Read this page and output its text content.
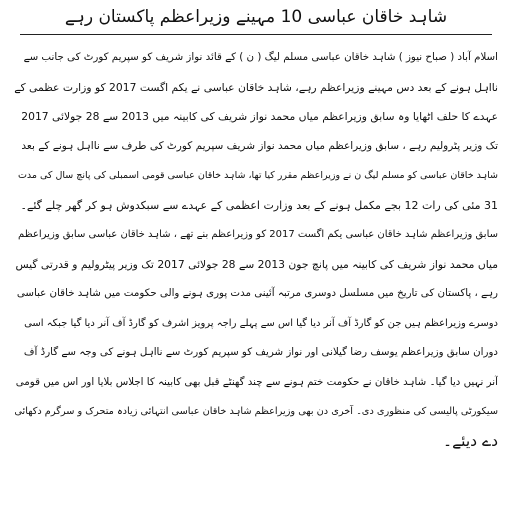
شاہد خاقان عباسی 10 مہینے وزیراعظم پاکستان رہے

اسلام آباد ( صباح نیوز ) شاہد خاقان عباسی مسلم لیگ ( ن ) کے قائد نواز شریف کو سپریم کورٹ کی جانب سے
نااہل ہونے کے بعد دس مہینے وزیراعظم رہے، شاہد خاقان عباسی نے یکم اگست 2017 کو وزارت عظمی کے
عہدے کا حلف اٹھایا وہ سابق وزیراعظم میاں محمد نواز شریف کی کابینہ میں 2013 سے 28 جولائی 2017
تک وزیر پٹرولیم رہے ، سابق وزیراعظم میاں محمد نواز شریف سپریم کورٹ کی طرف سے نااہل ہونے کے بعد
شاہد خاقان عباسی کو مسلم لیگ ن نے وزیراعظم مقرر کیا تھا، شاہد خاقان عباسی قومی اسمبلی کی پانچ سال کی مدت
31 مئی کی رات 12 بجے مکمل ہونے کے بعد وزارت اعظمی کے عہدے سے سبکدوش ہو کر گھر چلے گئے۔

سابق وزیراعظم شاہد خاقان عباسی یکم اگست 2017 کو وزیراعظم بنے تھے ، شاہد خاقان عباسی سابق وزیراعظم
میاں محمد نواز شریف کی کابینہ میں پانچ جون 2013 سے 28 جولائی 2017 تک وزیر پیٹرولیم و قدرتی گیس
رہے ، پاکستان کی تاریخ میں مسلسل دوسری مرتبہ آئینی مدت پوری ہونے والی حکومت میں شاہد خاقان عباسی
دوسرے وزیراعظم ہیں جن کو گارڈ آف آنر دیا گیا اس سے پہلے راجہ پرویز اشرف کو گارڈ آف آنر دیا گیا جبکہ اسی
دوران سابق وزیراعظم یوسف رضا گیلانی اور نواز شریف کو سپریم کورٹ سے نااہل ہونے کی وجہ سے گارڈ آف
آنر نہیں دیا گیا۔ شاہد خاقان نے حکومت ختم ہونے سے چند گھنٹے قبل بھی کابینہ کا اجلاس بلایا اور اس میں قومی
سیکورٹی پالیسی کی منظوری دی۔ آخری دن بھی وزیراعظم شاہد خاقان عباسی انتہائی زیادہ متحرک و سرگرم دکھائی
دے دیئے۔
